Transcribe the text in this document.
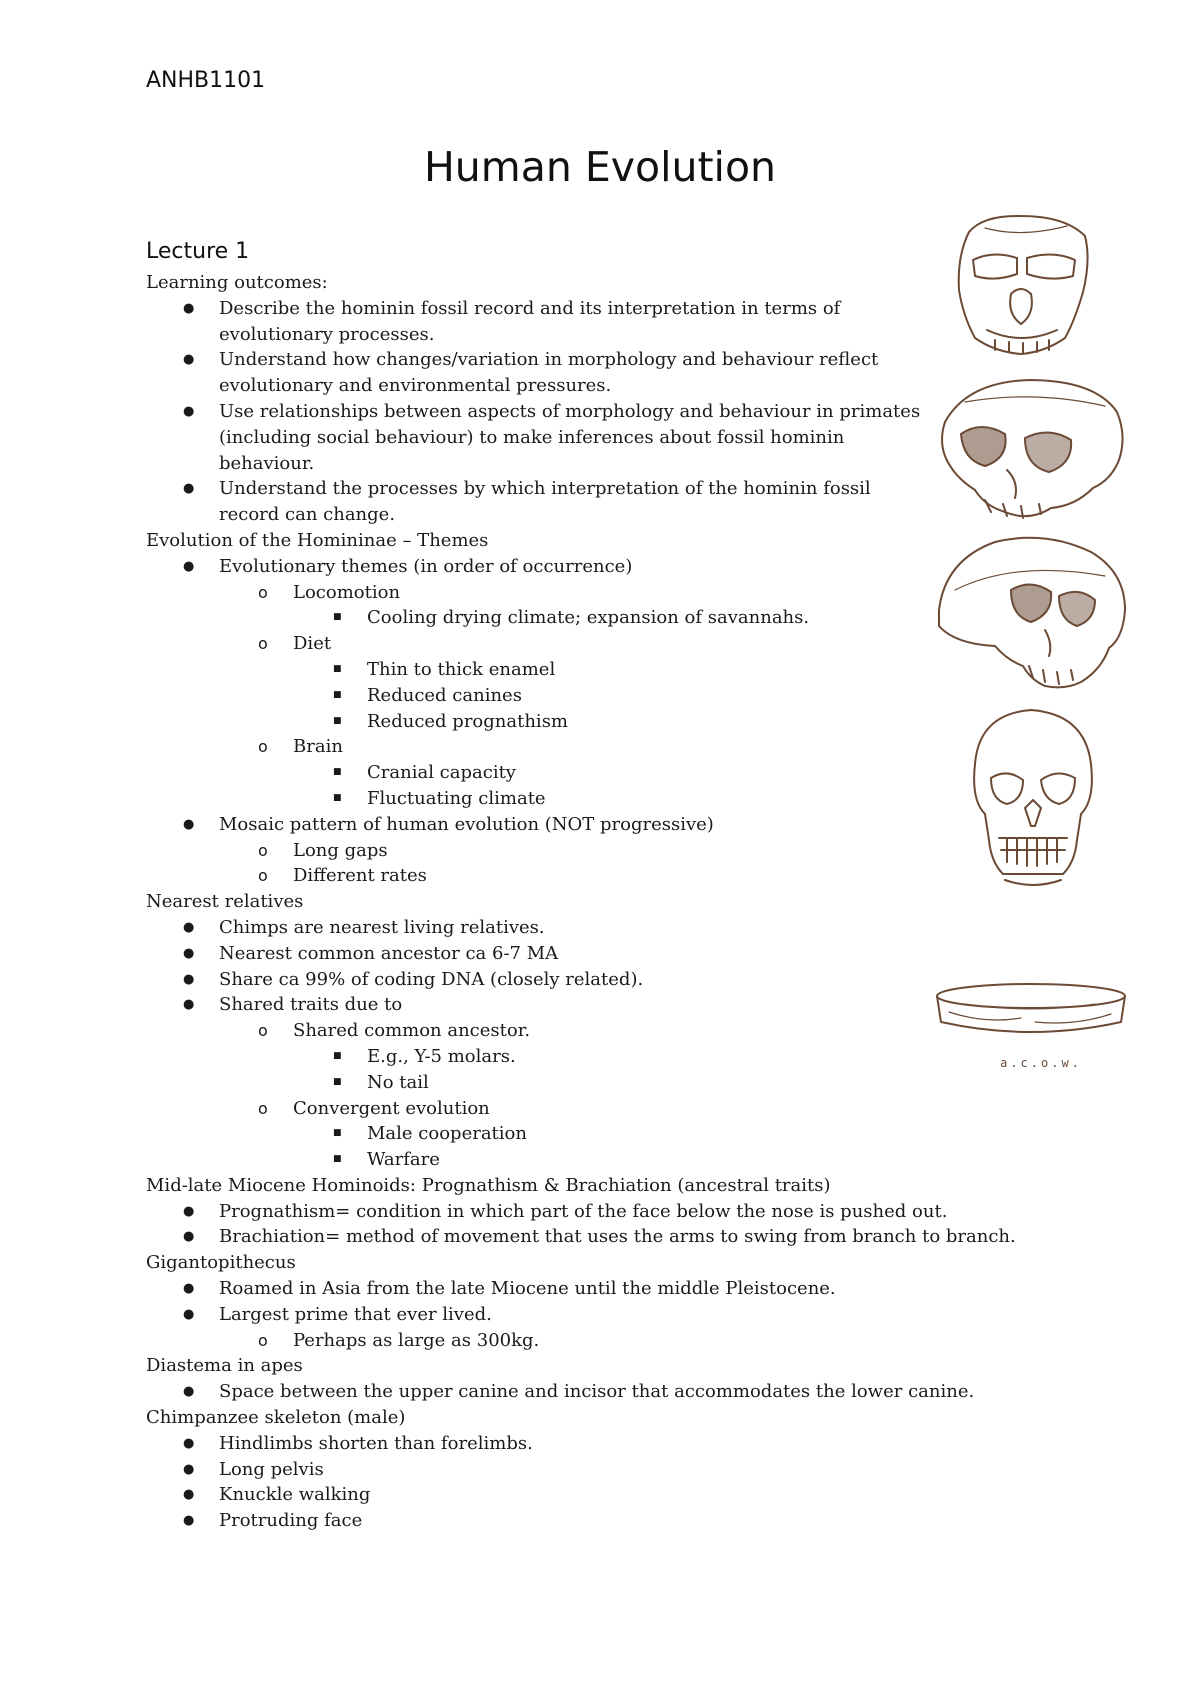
ANHB1101
Human Evolution
Lecture 1
Learning outcomes:
● Describe the hominin fossil record and its interpretation in terms of
evolutionary processes.
● Understand how changes/variation in morphology and behaviour reflect
evolutionary and environmental pressures.
● Use relationships between aspects of morphology and behaviour in primates
(including social behaviour) to make inferences about fossil hominin
behaviour.
● Understand the processes by which interpretation of the hominin fossil
record can change.
Evolution of the Homininae – Themes
● Evolutionary themes (in order of occurrence)
o Locomotion
■ Cooling drying climate; expansion of savannahs.
o Diet
■ Thin to thick enamel
■ Reduced canines
■ Reduced prognathism
o Brain
■ Cranial capacity
■ Fluctuating climate
● Mosaic pattern of human evolution (NOT progressive)
o Long gaps
o Different rates
Nearest relatives
● Chimps are nearest living relatives.
● Nearest common ancestor ca 6-7 MA
● Share ca 99% of coding DNA (closely related).
● Shared traits due to
o Shared common ancestor.
■ E.g., Y-5 molars.
■ No tail
o Convergent evolution
■ Male cooperation
■ Warfare
Mid-late Miocene Hominoids: Prognathism & Brachiation (ancestral traits)
● Prognathism= condition in which part of the face below the nose is pushed out.
● Brachiation= method of movement that uses the arms to swing from branch to branch.
Gigantopithecus
● Roamed in Asia from the late Miocene until the middle Pleistocene.
● Largest prime that ever lived.
o Perhaps as large as 300kg.
Diastema in apes
● Space between the upper canine and incisor that accommodates the lower canine.
Chimpanzee skeleton (male)
● Hindlimbs shorten than forelimbs.
● Long pelvis
● Knuckle walking
● Protruding face
a.c.o.w.
